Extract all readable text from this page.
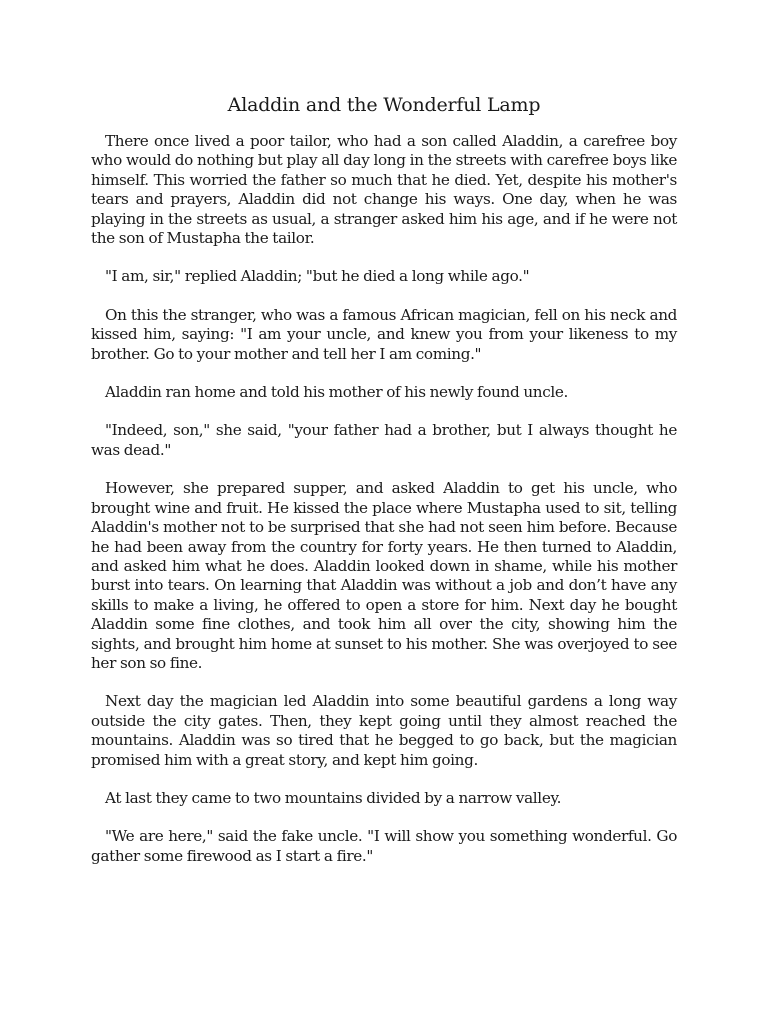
Aladdin and the Wonderful Lamp

There once lived a poor tailor, who had a son called Aladdin, a carefree boy who would do nothing but play all day long in the streets with carefree boys like himself. This worried the father so much that he died. Yet, despite his mother's tears and prayers, Aladdin did not change his ways. One day, when he was playing in the streets as usual, a stranger asked him his age, and if he were not the son of Mustapha the tailor.

"I am, sir," replied Aladdin; "but he died a long while ago."

On this the stranger, who was a famous African magician, fell on his neck and kissed him, saying: "I am your uncle, and knew you from your likeness to my brother. Go to your mother and tell her I am coming."

Aladdin ran home and told his mother of his newly found uncle.

"Indeed, son," she said, "your father had a brother, but I always thought he was dead."

However, she prepared supper, and asked Aladdin to get his uncle, who brought wine and fruit. He kissed the place where Mustapha used to sit, telling Aladdin's mother not to be surprised that she had not seen him before. Because he had been away from the country for forty years. He then turned to Aladdin, and asked him what he does. Aladdin looked down in shame, while his mother burst into tears. On learning that Aladdin was without a job and don’t have any skills to make a living, he offered to open a store for him. Next day he bought Aladdin some fine clothes, and took him all over the city, showing him the sights, and brought him home at sunset to his mother. She was overjoyed to see her son so fine.

Next day the magician led Aladdin into some beautiful gardens a long way outside the city gates. Then, they kept going until they almost reached the mountains. Aladdin was so tired that he begged to go back, but the magician promised him with a great story, and kept him going.

At last they came to two mountains divided by a narrow valley.

"We are here," said the fake uncle. "I will show you something wonderful. Go gather some firewood as I start a fire."
